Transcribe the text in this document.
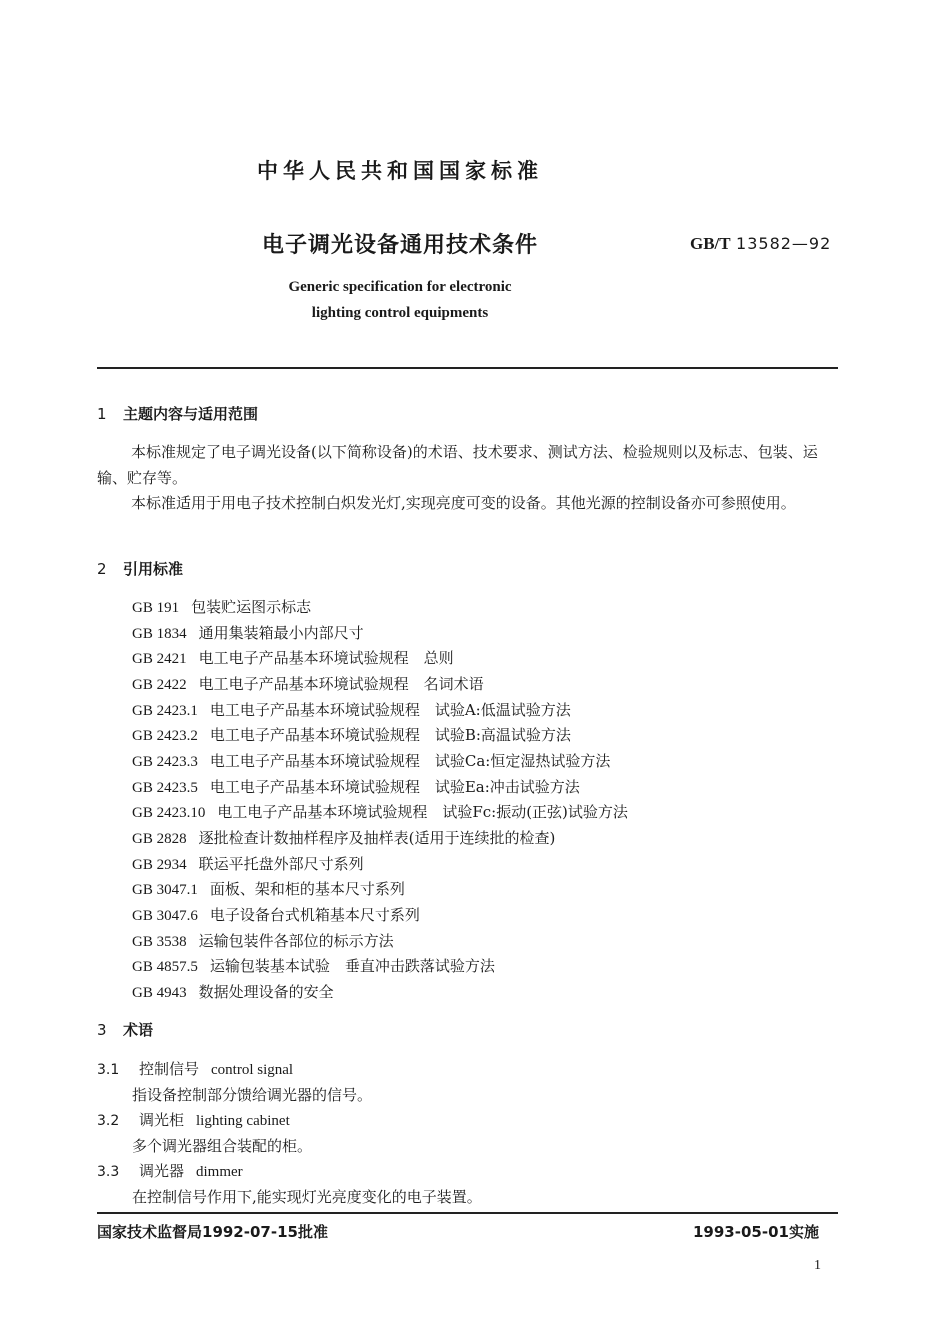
中华人民共和国国家标准
电子调光设备通用技术条件	GB/T 13582—92
Generic specification for electronic
lighting control equipments
1 主题内容与适用范围
本标准规定了电子调光设备(以下简称设备)的术语、技术要求、测试方法、检验规则以及标志、包装、运输、贮存等。
本标准适用于用电子技术控制白炽发光灯,实现亮度可变的设备。其他光源的控制设备亦可参照使用。
2 引用标准
GB 191 包装贮运图示标志
GB 1834 通用集装箱最小内部尺寸
GB 2421 电工电子产品基本环境试验规程　总则
GB 2422 电工电子产品基本环境试验规程　名词术语
GB 2423.1 电工电子产品基本环境试验规程　试验A:低温试验方法
GB 2423.2 电工电子产品基本环境试验规程　试验B:高温试验方法
GB 2423.3 电工电子产品基本环境试验规程　试验Ca:恒定湿热试验方法
GB 2423.5 电工电子产品基本环境试验规程　试验Ea:冲击试验方法
GB 2423.10 电工电子产品基本环境试验规程　试验Fc:振动(正弦)试验方法
GB 2828 逐批检查计数抽样程序及抽样表(适用于连续批的检查)
GB 2934 联运平托盘外部尺寸系列
GB 3047.1 面板、架和柜的基本尺寸系列
GB 3047.6 电子设备台式机箱基本尺寸系列
GB 3538 运输包装件各部位的标示方法
GB 4857.5 运输包装基本试验　垂直冲击跌落试验方法
GB 4943 数据处理设备的安全
3 术语
3.1 控制信号 control signal
指设备控制部分馈给调光器的信号。
3.2 调光柜 lighting cabinet
多个调光器组合装配的柜。
3.3 调光器 dimmer
在控制信号作用下,能实现灯光亮度变化的电子装置。
国家技术监督局1992-07-15批准	1993-05-01实施
1
